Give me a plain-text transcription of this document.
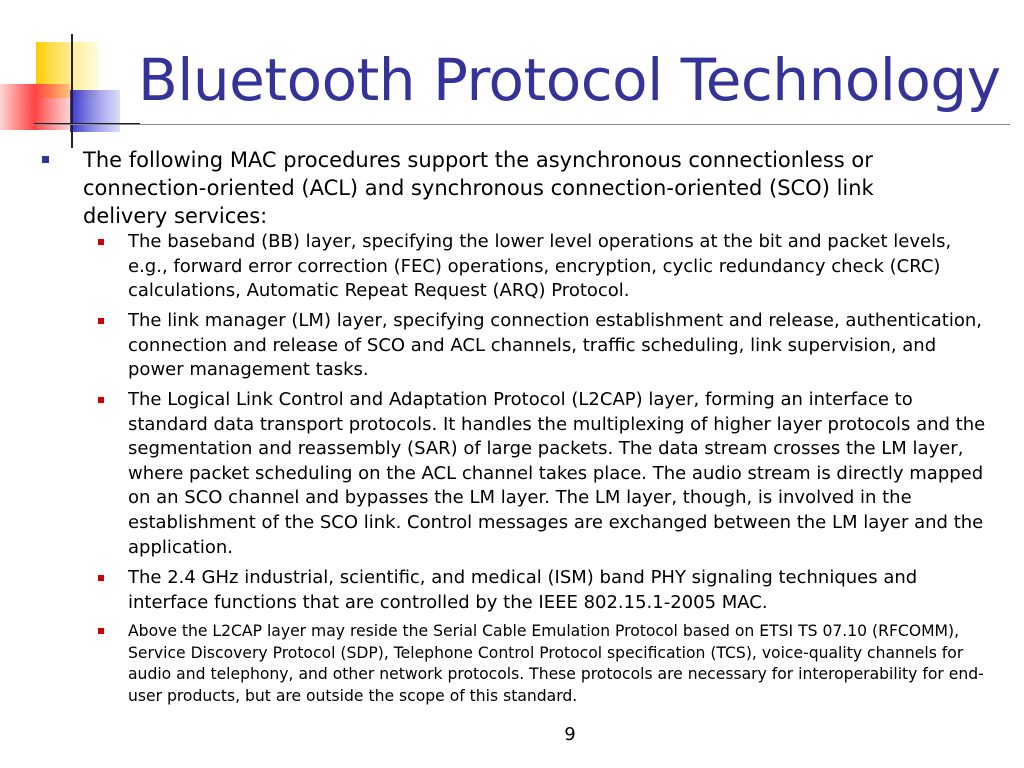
Bluetooth Protocol Technology
The following MAC procedures support the asynchronous connectionless or connection-oriented (ACL) and synchronous connection-oriented (SCO) link delivery services:
The baseband (BB) layer, specifying the lower level operations at the bit and packet levels, e.g., forward error correction (FEC) operations, encryption, cyclic redundancy check (CRC) calculations, Automatic Repeat Request (ARQ) Protocol.
The link manager (LM) layer, specifying connection establishment and release, authentication, connection and release of SCO and ACL channels, traffic scheduling, link supervision, and power management tasks.
The Logical Link Control and Adaptation Protocol (L2CAP) layer, forming an interface to standard data transport protocols. It handles the multiplexing of higher layer protocols and the segmentation and reassembly (SAR) of large packets. The data stream crosses the LM layer, where packet scheduling on the ACL channel takes place. The audio stream is directly mapped on an SCO channel and bypasses the LM layer. The LM layer, though, is involved in the establishment of the SCO link. Control messages are exchanged between the LM layer and the application.
The 2.4 GHz industrial, scientific, and medical (ISM) band PHY signaling techniques and interface functions that are controlled by the IEEE 802.15.1-2005 MAC.
Above the L2CAP layer may reside the Serial Cable Emulation Protocol based on ETSI TS 07.10 (RFCOMM), Service Discovery Protocol (SDP), Telephone Control Protocol specification (TCS), voice-quality channels for audio and telephony, and other network protocols. These protocols are necessary for interoperability for end-user products, but are outside the scope of this standard.
9
